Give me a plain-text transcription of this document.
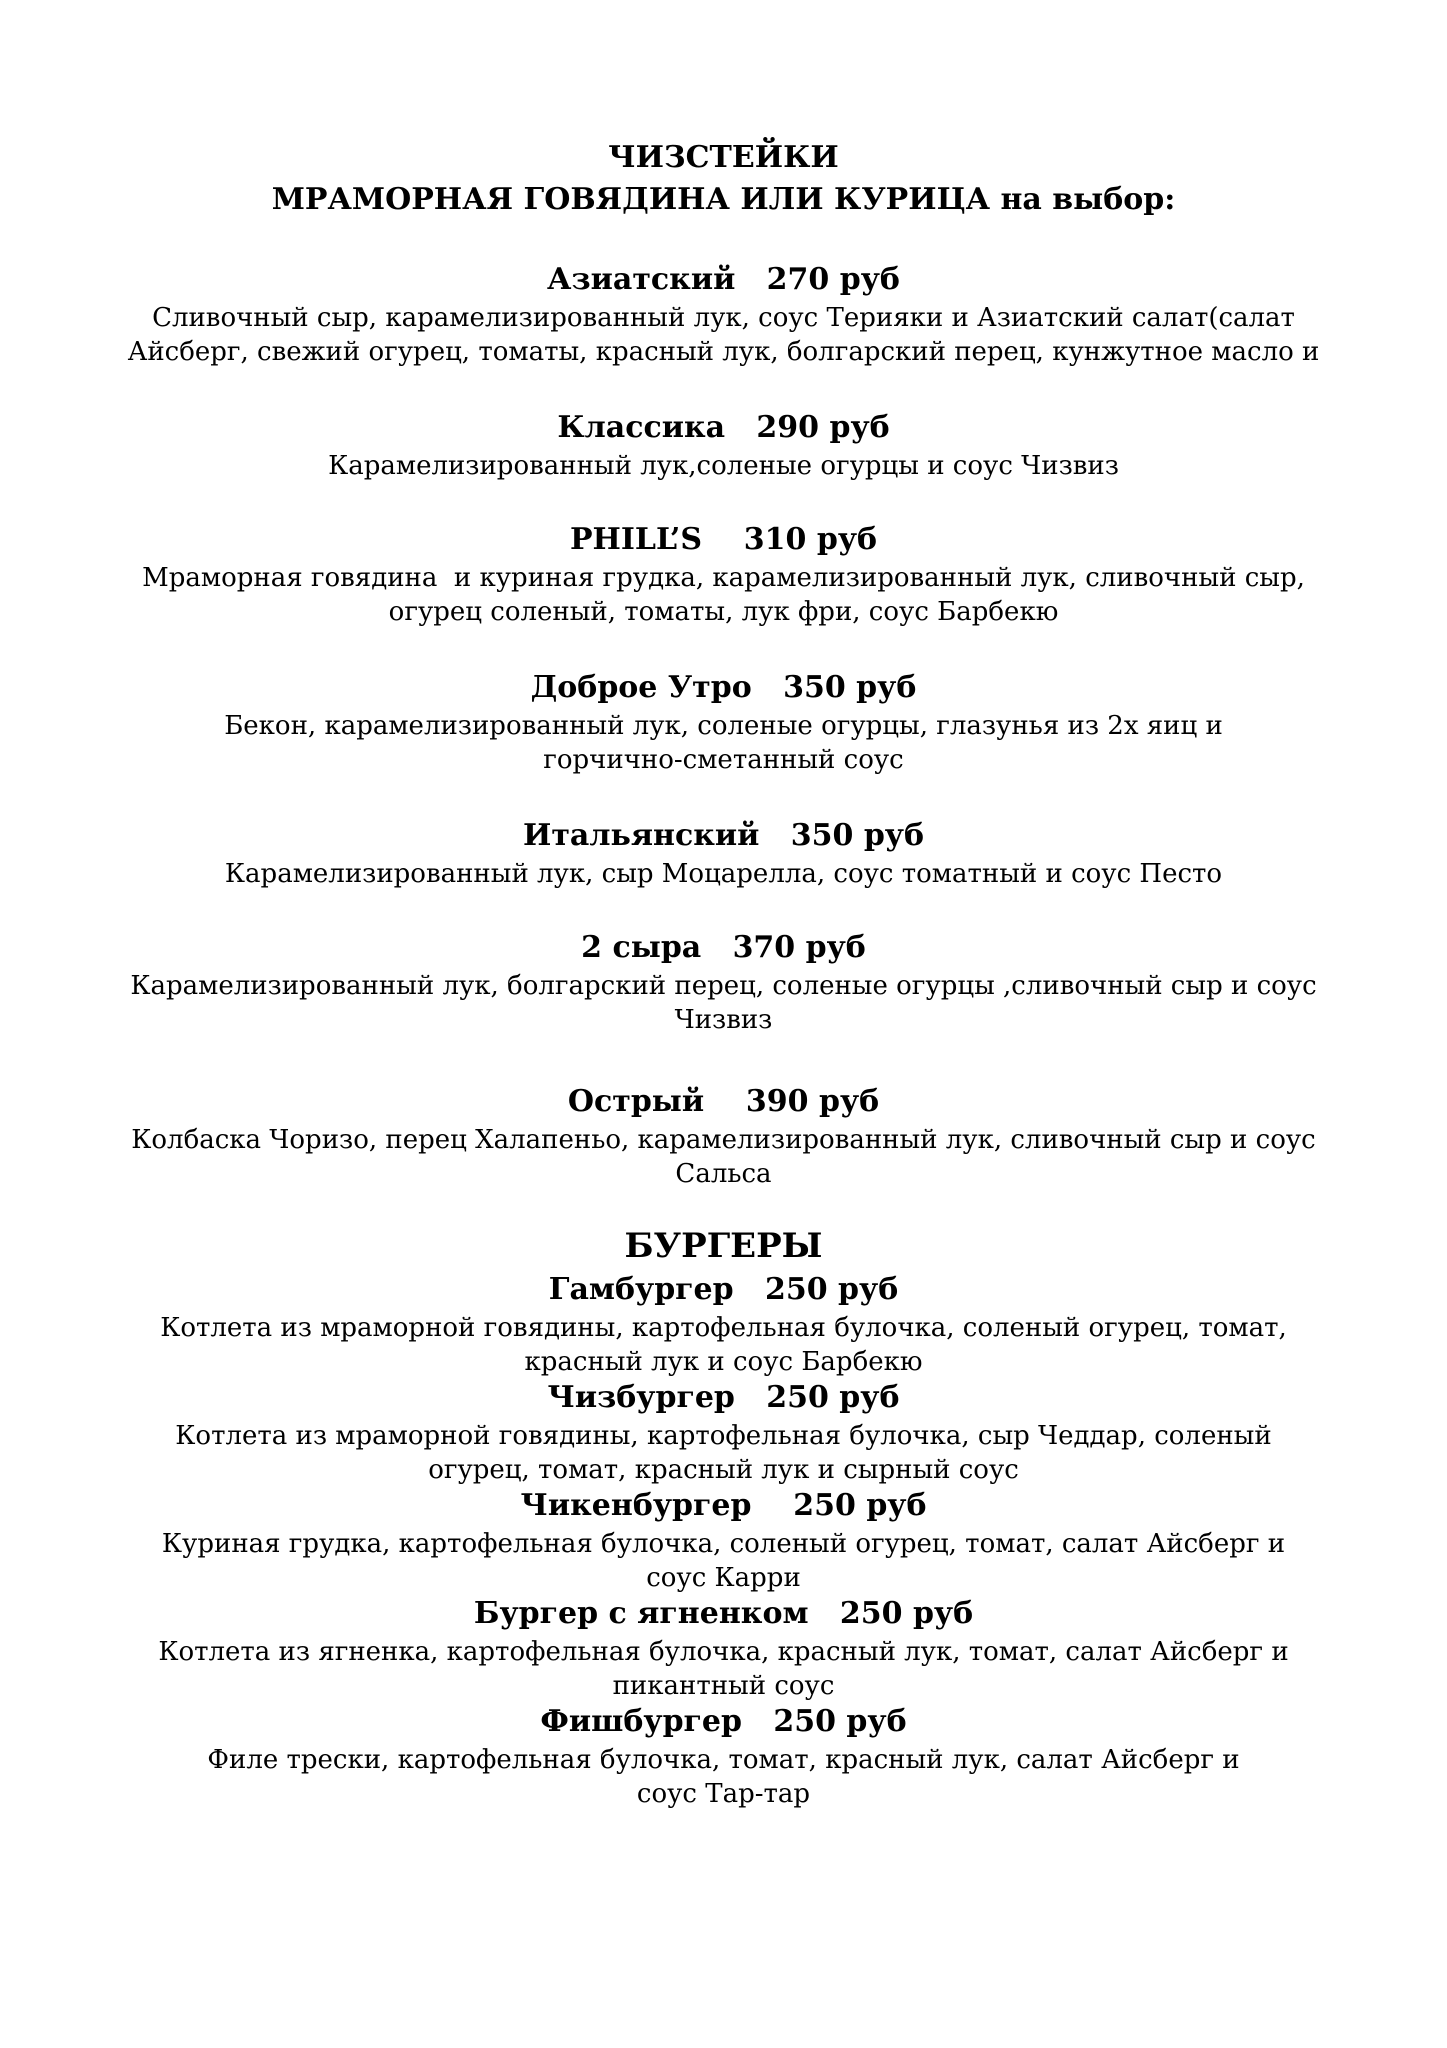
ЧИЗСТЕЙКИ

МРАМОРНАЯ ГОВЯДИНА ИЛИ КУРИЦА на выбор:

Азиатский   270 руб

Сливочный сыр, карамелизированный лук, соус Терияки и Азиатский салат(салат

Айсберг, свежий огурец, томаты, красный лук, болгарский перец, кунжутное масло и

Классика   290 руб

Карамелизированный лук,соленые огурцы и соус Чизвиз

PHILL’S    310 руб

Мраморная говядина  и куриная грудка, карамелизированный лук, сливочный сыр,

огурец соленый, томаты, лук фри, соус Барбекю

Доброе Утро   350 руб

Бекон, карамелизированный лук, соленые огурцы, глазунья из 2х яиц и

горчично-сметанный соус

Итальянский   350 руб

Карамелизированный лук, сыр Моцарелла, соус томатный и соус Песто

2 сыра   370 руб

Карамелизированный лук, болгарский перец, соленые огурцы ,сливочный сыр и соус

Чизвиз

Острый    390 руб

Колбаска Чоризо, перец Халапеньо, карамелизированный лук, сливочный сыр и соус

Сальса

БУРГЕРЫ

Гамбургер   250 руб

Котлета из мраморной говядины, картофельная булочка, соленый огурец, томат,

красный лук и соус Барбекю

Чизбургер   250 руб

Котлета из мраморной говядины, картофельная булочка, сыр Чеддар, соленый

огурец, томат, красный лук и сырный соус

Чикенбургер    250 руб

Куриная грудка, картофельная булочка, соленый огурец, томат, салат Айсберг и

соус Карри

Бургер с ягненком   250 руб

Котлета из ягненка, картофельная булочка, красный лук, томат, салат Айсберг и

пикантный соус

Фишбургер   250 руб

Филе трески, картофельная булочка, томат, красный лук, салат Айсберг и

соус Тар-тар
